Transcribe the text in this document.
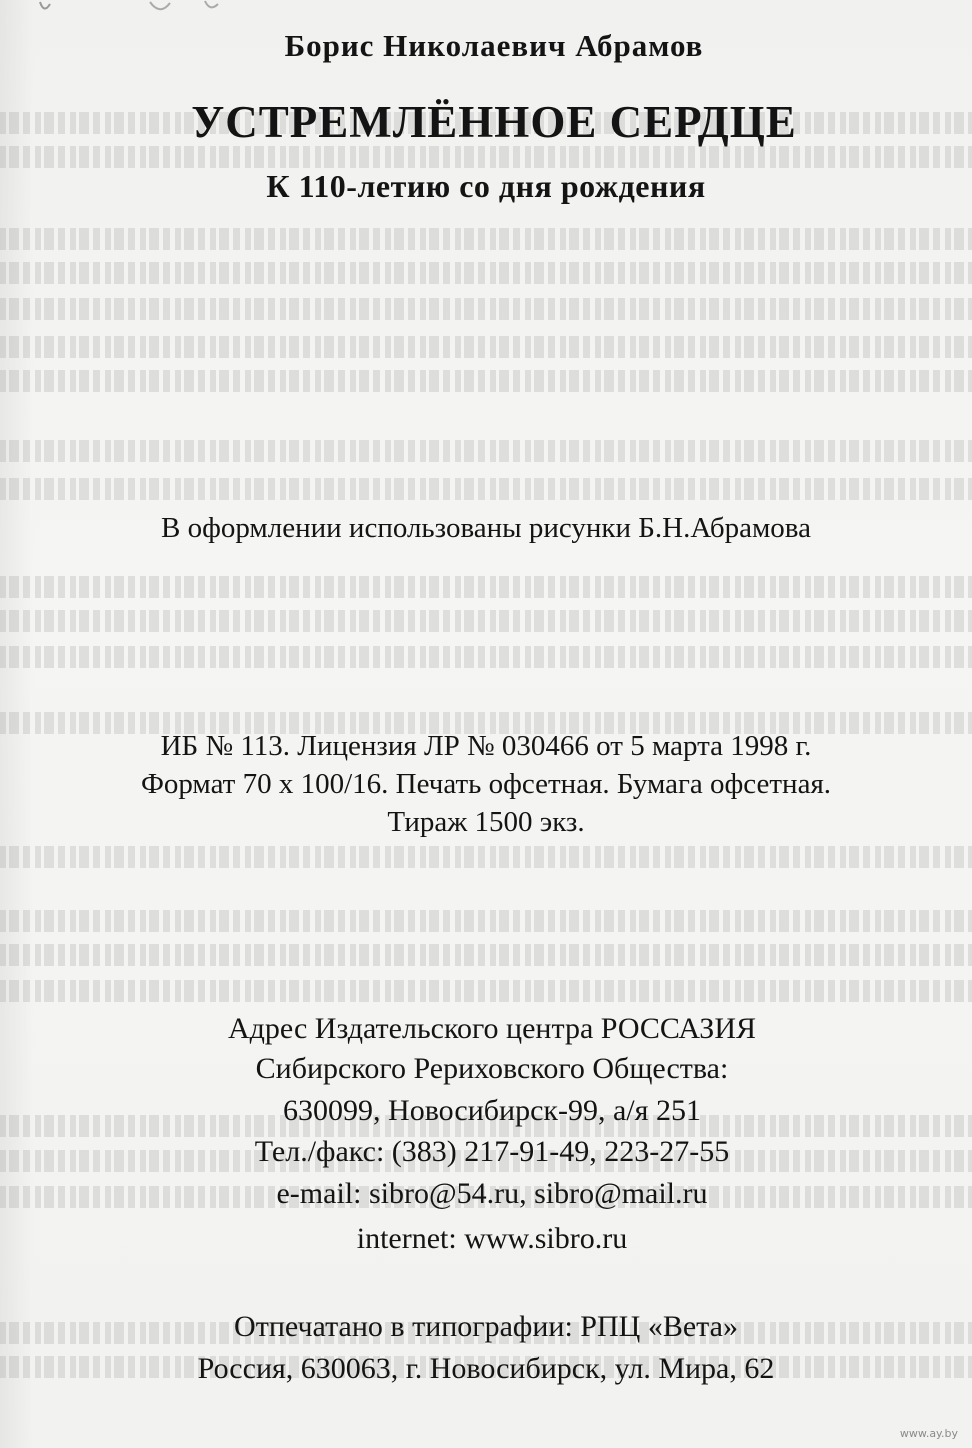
Борис Николаевич Абрамов
УСТРЕМЛЁННОЕ СЕРДЦЕ
К 110-летию со дня рождения
В оформлении использованы рисунки Б.Н.Абрамова
ИБ № 113. Лицензия ЛР № 030466 от 5 марта 1998 г.
Формат 70 х 100/16. Печать офсетная. Бумага офсетная.
Тираж 1500 экз.
Адрес Издательского центра РОССАЗИЯ
Сибирского Рериховского Общества:
630099, Новосибирск-99, а/я 251
Тел./факс: (383) 217-91-49, 223-27-55
e-mail: sibro@54.ru, sibro@mail.ru
internet: www.sibro.ru
Отпечатано в типографии: РПЦ «Вета»
Россия, 630063, г. Новосибирск, ул. Мира, 62
www.ay.by
